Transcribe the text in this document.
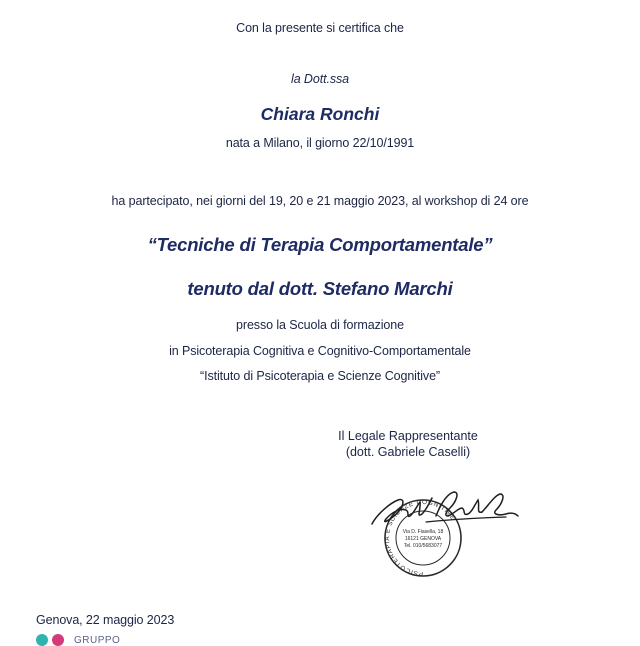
Con la presente si certifica che
la Dott.ssa
Chiara Ronchi
nata a Milano, il giorno 22/10/1991
ha partecipato, nei giorni del 19, 20 e 21 maggio 2023, al workshop di 24 ore
“Tecniche di Terapia Comportamentale”
tenuto dal dott. Stefano Marchi
presso la Scuola di formazione
in Psicoterapia Cognitiva e Cognitivo-Comportamentale
“Istituto di Psicoterapia e Scienze Cognitive”
Il Legale Rappresentante
(dott. Gabriele Caselli)
PSICOTERAPIA E SCIENZE COGNITIVE
Via D. Fiasella, 18
16121 GENOVA
Tel. 010/5683077
Genova, 22 maggio 2023
GRUPPO
